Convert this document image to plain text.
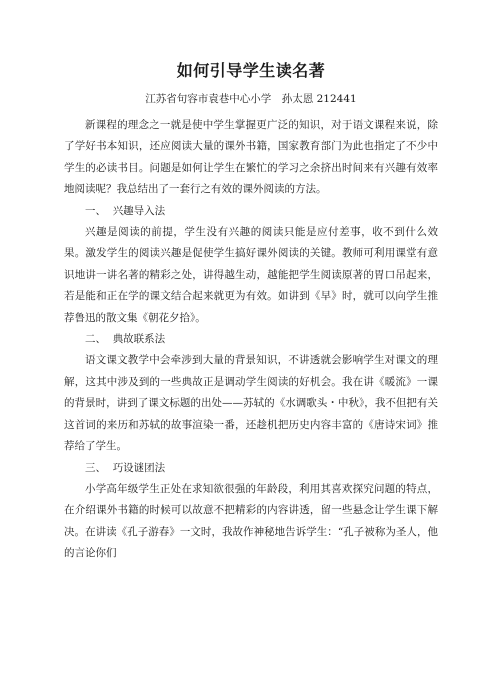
如何引导学生读名著
江苏省句容市袁巷中心小学　孙太恩 212441

新课程的理念之一就是使中学生掌握更广泛的知识，对于语文课程来说，除了学好书本知识，还应阅读大量的课外书籍，国家教育部门为此也指定了不少中学生的必读书目。问题是如何让学生在繁忙的学习之余挤出时间来有兴趣有效率地阅读呢？我总结出了一套行之有效的课外阅读的方法。

一、 兴趣导入法

兴趣是阅读的前提，学生没有兴趣的阅读只能是应付差事，收不到什么效果。激发学生的阅读兴趣是促使学生搞好课外阅读的关键。教师可利用课堂有意识地讲一讲名著的精彩之处，讲得越生动，越能把学生阅读原著的胃口吊起来，若是能和正在学的课文结合起来就更为有效。如讲到《早》时，就可以向学生推荐鲁迅的散文集《朝花夕拾》。

二、 典故联系法

语文课文教学中会牵涉到大量的背景知识，不讲透就会影响学生对课文的理解，这其中涉及到的一些典故正是调动学生阅读的好机会。我在讲《暖流》一课的背景时，讲到了课文标题的出处——苏轼的《水调歌头・中秋》，我不但把有关这首词的来历和苏轼的故事渲染一番，还趁机把历史内容丰富的《唐诗宋词》推荐给了学生。

三、 巧设谜团法

小学高年级学生正处在求知欲很强的年龄段，利用其喜欢探究问题的特点，在介绍课外书籍的时候可以故意不把精彩的内容讲透，留一些悬念让学生课下解决。在讲读《孔子游春》一文时，我故作神秘地告诉学生：“孔子被称为圣人，他的言论你们
